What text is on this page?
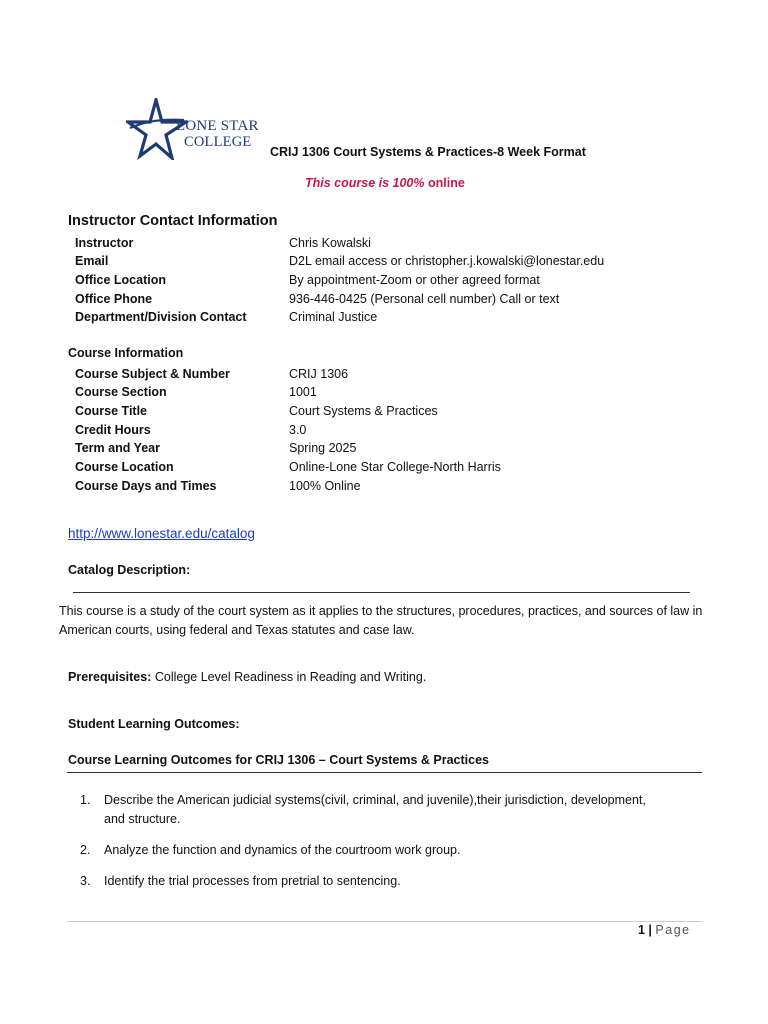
LONE STAR
COLLEGE
CRIJ 1306 Court Systems & Practices-8 Week Format
This course is 100% online
Instructor Contact Information
Instructor	Chris Kowalski
Email	D2L email access or christopher.j.kowalski@lonestar.edu
Office Location	By appointment-Zoom or other agreed format
Office Phone	936-446-0425 (Personal cell number) Call or text
Department/Division Contact	Criminal Justice
Course Information
Course Subject & Number	CRIJ 1306
Course Section	1001
Course Title	Court Systems & Practices
Credit Hours	3.0
Term and Year	Spring 2025
Course Location	Online-Lone Star College-North Harris
Course Days and Times	100% Online
http://www.lonestar.edu/catalog
Catalog Description:
This course is a study of the court system as it applies to the structures, procedures, practices, and sources of law in American courts, using federal and Texas statutes and case law.
Prerequisites: College Level Readiness in Reading and Writing.
Student Learning Outcomes:
Course Learning Outcomes for CRIJ 1306 – Court Systems & Practices
1. Describe the American judicial systems(civil, criminal, and juvenile),their jurisdiction, development, and structure.
2. Analyze the function and dynamics of the courtroom work group.
3. Identify the trial processes from pretrial to sentencing.
1 | Page
